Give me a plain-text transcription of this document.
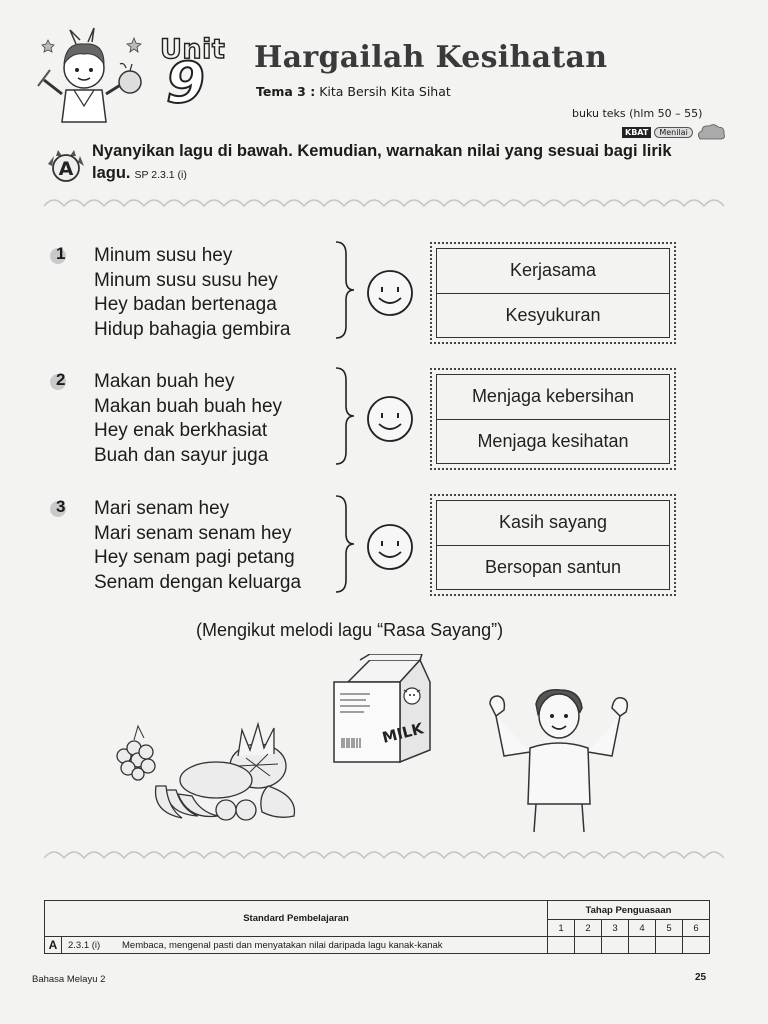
Unit
9 Hargailah Kesihatan
Tema 3 : Kita Bersih Kita Sihat
buku teks (hlm 50 – 55)
KBAT	Menilai
A
Nyanyikan lagu di bawah. Kemudian, warnakan nilai yang sesuai bagi lirik lagu. SP 2.3.1 (i)
1 Minum susu hey
Minum susu susu hey
Hey badan bertenaga
Hidup bahagia gembira
2 Makan buah hey
Makan buah buah hey
Hey enak berkhasiat
Buah dan sayur juga
3 Mari senam hey
Mari senam senam hey
Hey senam pagi petang
Senam dengan keluarga
Kerjasama
Kesyukuran
Menjaga kebersihan
Menjaga kesihatan
Kasih sayang
Bersopan santun
(Mengikut melodi lagu “Rasa Sayang”)
MILK
Standard Pembelajaran			Tahap Penguasaan					
			1	2	3	4	5	6
A	2.3.1 (i)	Membaca, mengenal pasti dan menyatakan nilai daripada lagu kanak-kanak						
Bahasa Melayu 2	25
